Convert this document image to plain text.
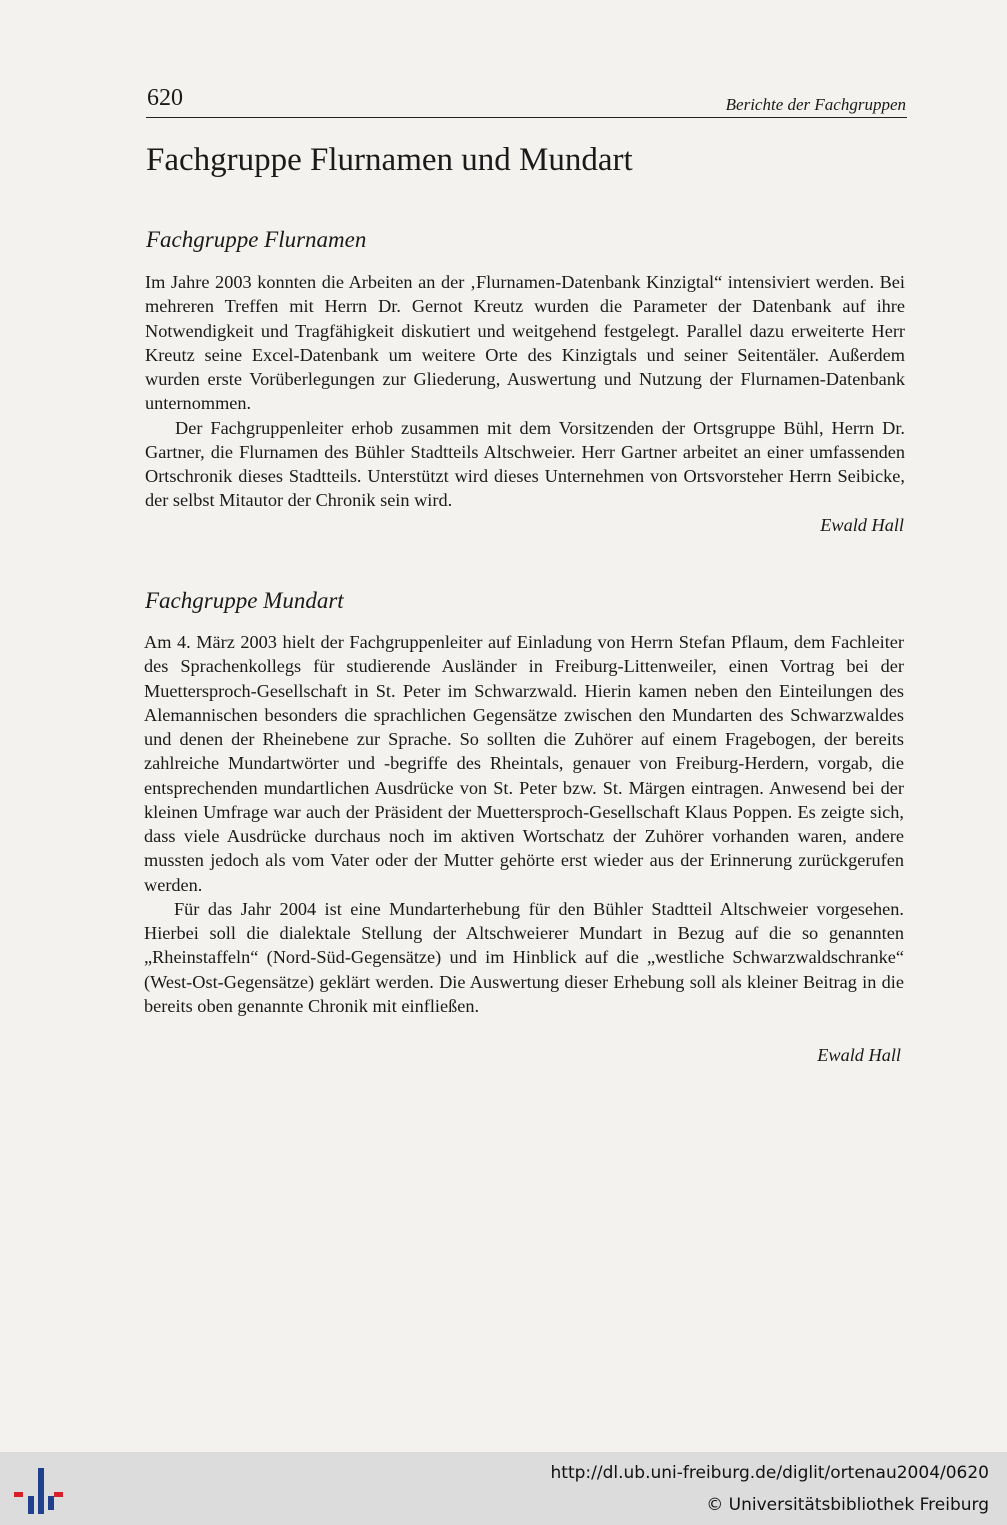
620	Berichte der Fachgruppen
Fachgruppe Flurnamen und Mundart
Fachgruppe Flurnamen

Im Jahre 2003 konnten die Arbeiten an der ‚Flurnamen-Datenbank Kinzigtal“ intensiviert werden. Bei mehreren Treffen mit Herrn Dr. Gernot Kreutz wurden die Parameter der Datenbank auf ihre Notwendigkeit und Tragfähigkeit diskutiert und weitgehend festgelegt. Parallel dazu erweiterte Herr Kreutz seine Excel-Datenbank um weitere Orte des Kinzigtals und seiner Seitentäler. Außerdem wurden erste Vorüberlegungen zur Gliederung, Auswertung und Nutzung der Flurnamen-Datenbank unternommen.

Der Fachgruppenleiter erhob zusammen mit dem Vorsitzenden der Ortsgruppe Bühl, Herrn Dr. Gartner, die Flurnamen des Bühler Stadtteils Altschweier. Herr Gartner arbeitet an einer umfassenden Ortschronik dieses Stadtteils. Unterstützt wird dieses Unternehmen von Ortsvorsteher Herrn Seibicke, der selbst Mitautor der Chronik sein wird.

Ewald Hall
Fachgruppe Mundart

Am 4. März 2003 hielt der Fachgruppenleiter auf Einladung von Herrn Stefan Pflaum, dem Fachleiter des Sprachenkollegs für studierende Ausländer in Freiburg-Littenweiler, einen Vortrag bei der Muettersproch-Gesellschaft in St. Peter im Schwarzwald. Hierin kamen neben den Einteilungen des Alemannischen besonders die sprachlichen Gegensätze zwischen den Mundarten des Schwarzwaldes und denen der Rheinebene zur Sprache. So sollten die Zuhörer auf einem Fragebogen, der bereits zahlreiche Mundartwörter und -begriffe des Rheintals, genauer von Freiburg-Herdern, vorgab, die entsprechenden mundartlichen Ausdrücke von St. Peter bzw. St. Märgen eintragen. Anwesend bei der kleinen Umfrage war auch der Präsident der Muettersproch-Gesellschaft Klaus Poppen. Es zeigte sich, dass viele Ausdrücke durchaus noch im aktiven Wortschatz der Zuhörer vorhanden waren, andere mussten jedoch als vom Vater oder der Mutter gehörte erst wieder aus der Erinnerung zurückgerufen werden.

Für das Jahr 2004 ist eine Mundarterhebung für den Bühler Stadtteil Altschweier vorgesehen. Hierbei soll die dialektale Stellung der Altschweierer Mundart in Bezug auf die so genannten „Rheinstaffeln“ (Nord-Süd-Gegensätze) und im Hinblick auf die „westliche Schwarzwaldschranke“ (West-Ost-Gegensätze) geklärt werden. Die Auswertung dieser Erhebung soll als kleiner Beitrag in die bereits oben genannte Chronik mit einfließen.

Ewald Hall
http://dl.ub.uni-freiburg.de/diglit/ortenau2004/0620
© Universitätsbibliothek Freiburg
